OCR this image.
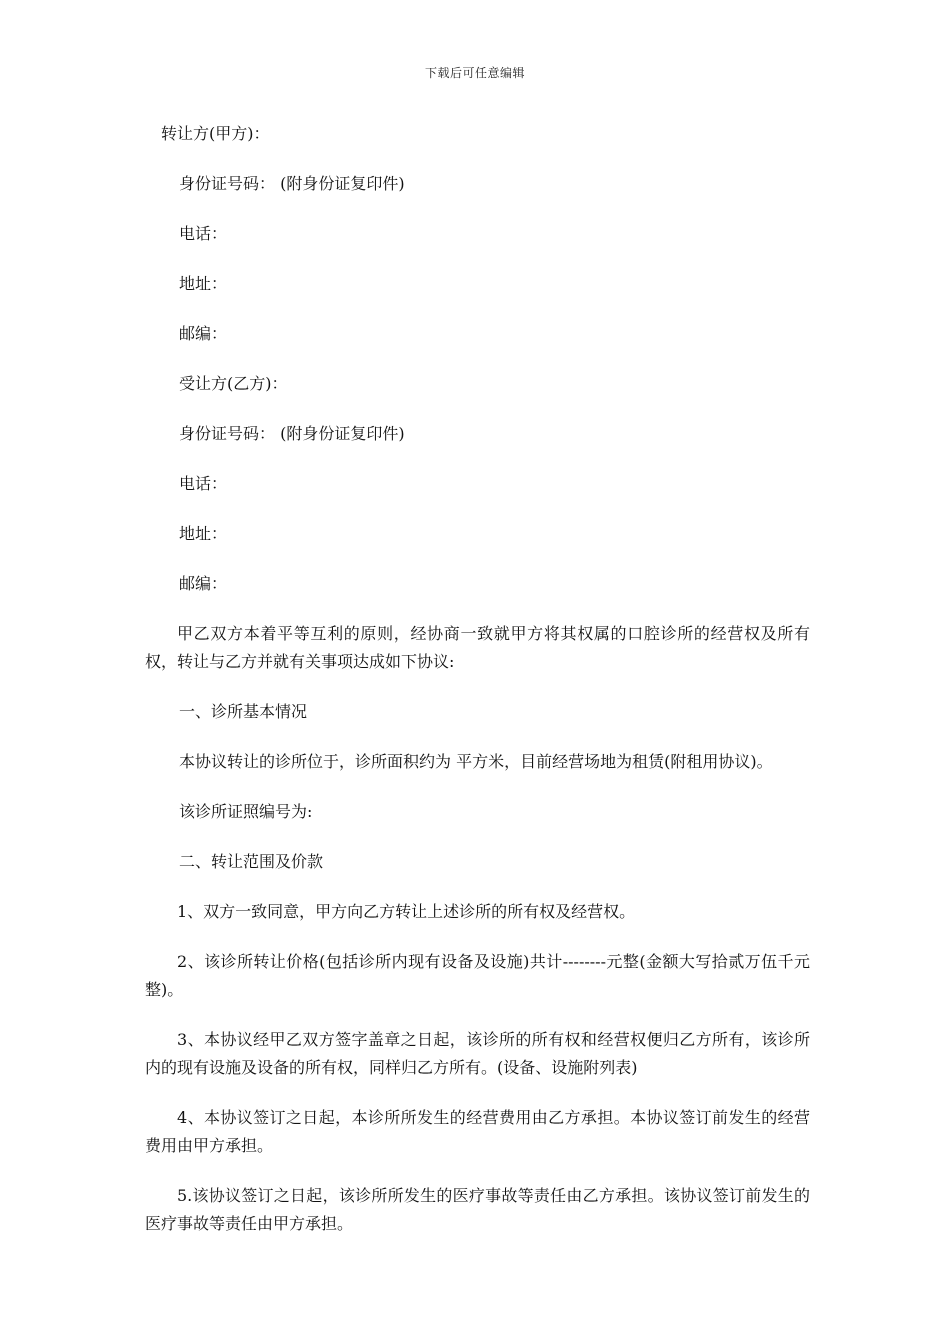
下载后可任意编辑
转让方(甲方)：
身份证号码： (附身份证复印件)
电话：
地址：
邮编：
受让方(乙方)：
身份证号码： (附身份证复印件)
电话：
地址：
邮编：

甲乙双方本着平等互利的原则，经协商一致就甲方将其权属的口腔诊所的经营权及所有权，转让与乙方并就有关事项达成如下协议:

一、诊所基本情况
本协议转让的诊所位于，诊所面积约为 平方米，目前经营场地为租赁(附租用协议)。
该诊所证照编号为:
二、转让范围及价款

1、双方一致同意，甲方向乙方转让上述诊所的所有权及经营权。

2、该诊所转让价格(包括诊所内现有设备及设施)共计--------元整(金额大写拾贰万伍千元整)。

3、本协议经甲乙双方签字盖章之日起，该诊所的所有权和经营权便归乙方所有，该诊所内的现有设施及设备的所有权，同样归乙方所有。(设备、设施附列表)

4、本协议签订之日起，本诊所所发生的经营费用由乙方承担。本协议签订前发生的经营费用由甲方承担。

5.该协议签订之日起，该诊所所发生的医疗事故等责任由乙方承担。该协议签订前发生的医疗事故等责任由甲方承担。
